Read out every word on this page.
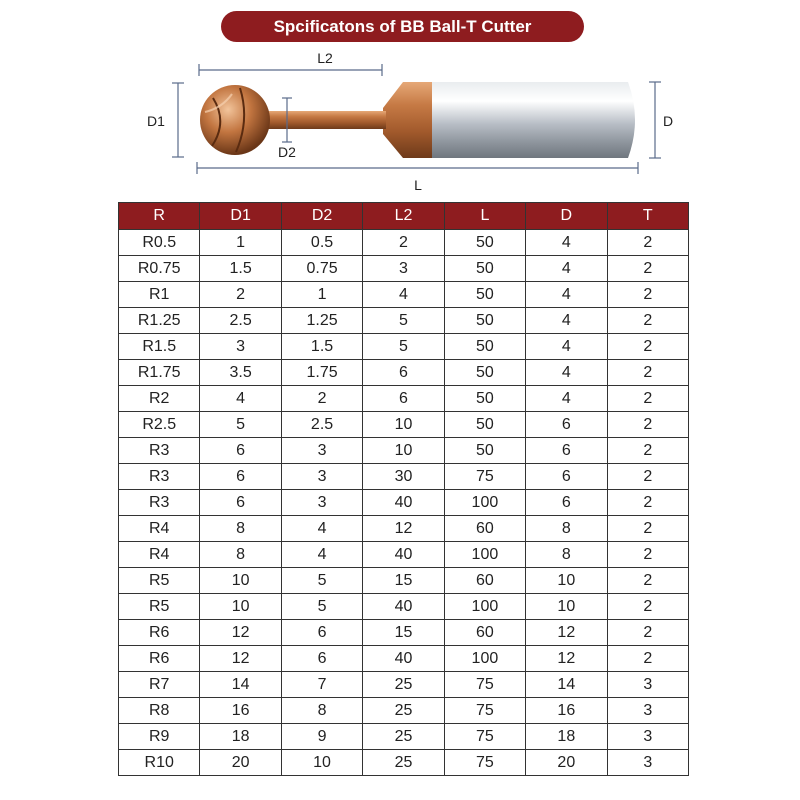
Spcificatons of BB Ball-T Cutter
L2
D1
D2
D
L
R	D1	D2	L2	L	D	T
R0.5	1	0.5	2	50	4	2
R0.75	1.5	0.75	3	50	4	2
R1	2	1	4	50	4	2
R1.25	2.5	1.25	5	50	4	2
R1.5	3	1.5	5	50	4	2
R1.75	3.5	1.75	6	50	4	2
R2	4	2	6	50	4	2
R2.5	5	2.5	10	50	6	2
R3	6	3	10	50	6	2
R3	6	3	30	75	6	2
R3	6	3	40	100	6	2
R4	8	4	12	60	8	2
R4	8	4	40	100	8	2
R5	10	5	15	60	10	2
R5	10	5	40	100	10	2
R6	12	6	15	60	12	2
R6	12	6	40	100	12	2
R7	14	7	25	75	14	3
R8	16	8	25	75	16	3
R9	18	9	25	75	18	3
R10	20	10	25	75	20	3
